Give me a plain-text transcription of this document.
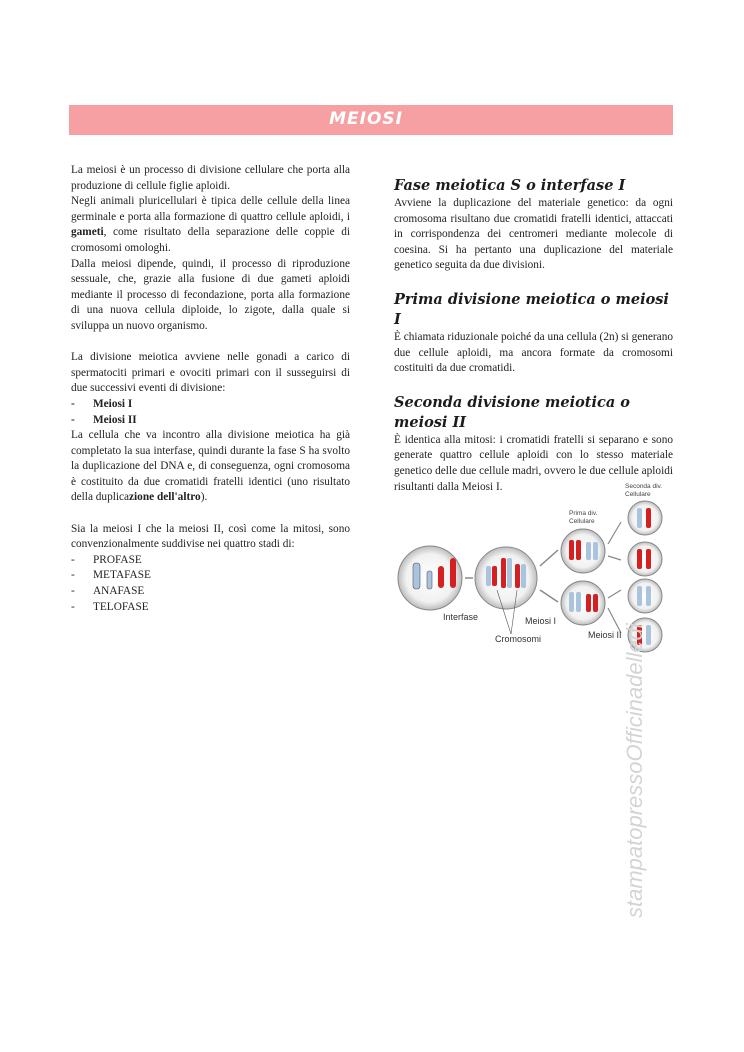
MEIOSI

La meiosi è un processo di divisione cellulare che porta alla produzione di cellule figlie aploidi.

Negli animali pluricellulari è tipica delle cellule della linea germinale e porta alla formazione di quattro cellule aploidi, i gameti, come risultato della separazione delle coppie di cromosomi omologhi.

Dalla meiosi dipende, quindi, il processo di riproduzione sessuale, che, grazie alla fusione di due gameti aploidi mediante il processo di fecondazione, porta alla formazione di una nuova cellula diploide, lo zigote, dalla quale si sviluppa un nuovo organismo.

La divisione meiotica avviene nelle gonadi a carico di spermatociti primari e ovociti primari con il susseguirsi di due successivi eventi di divisione:

-	Meiosi I
-	Meiosi II

La cellula che va incontro alla divisione meiotica ha già completato la sua interfase, quindi durante la fase S ha svolto la duplicazione del DNA e, di conseguenza, ogni cromosoma è costituito da due cromatidi fratelli identici (uno risultato della duplicazione dell'altro).

Sia la meiosi I che la meiosi II, così come la mitosi, sono convenzionalmente suddivise nei quattro stadi di:

-	PROFASE
-	METAFASE
-	ANAFASE
-	TELOFASE
Fase meiotica S o interfase I

Avviene la duplicazione del materiale genetico: da ogni cromosoma risultano due cromatidi fratelli identici, attaccati in corrispondenza dei centromeri mediante molecole di coesina. Si ha pertanto una duplicazione del materiale genetico seguita da due divisioni.

Prima divisione meiotica o meiosi I

È chiamata riduzionale poiché da una cellula (2n) si generano due cellule aploidi, ma ancora formate da cromosomi costituiti da due cromatidi.

Seconda divisione meiotica o meiosi II

È identica alla mitosi: i cromatidi fratelli si separano e sono generate quattro cellule aploidi con lo stesso materiale genetico delle due cellule madri, ovvero le due cellule aploidi risultanti dalla Meiosi I.

Interfase	Meiosi I
Meiosi II
Cromosomi
Prima div.
Cellulare
Seconda div.
Cellulare
stampatopressoOfficinadelledi
